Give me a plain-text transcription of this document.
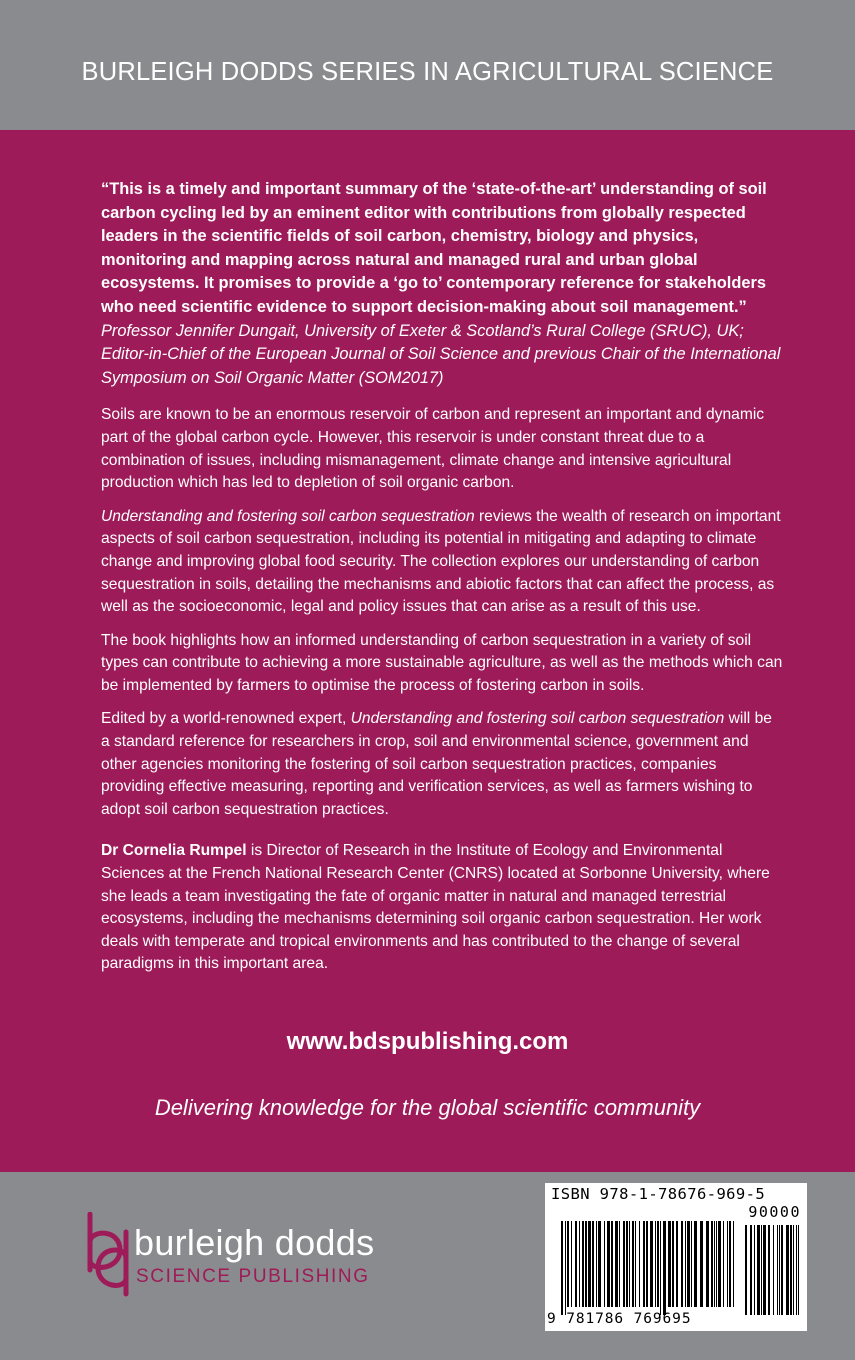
BURLEIGH DODDS SERIES IN AGRICULTURAL SCIENCE

“This is a timely and important summary of the ‘state-of-the-art’ understanding of soil carbon cycling led by an eminent editor with contributions from globally respected leaders in the scientific fields of soil carbon, chemistry, biology and physics, monitoring and mapping across natural and managed rural and urban global ecosystems. It promises to provide a ‘go to’ contemporary reference for stakeholders who need scientific evidence to support decision-making about soil management.”   Professor Jennifer Dungait, University of Exeter & Scotland’s Rural College (SRUC), UK; Editor-in-Chief of the European Journal of Soil Science and previous Chair of the International Symposium on Soil Organic Matter (SOM2017)

Soils are known to be an enormous reservoir of carbon and represent an important and dynamic part of the global carbon cycle. However, this reservoir is under constant threat due to a combination of issues, including mismanagement, climate change and intensive agricultural production which has led to depletion of soil organic carbon.

Understanding and fostering soil carbon sequestration reviews the wealth of research on important aspects of soil carbon sequestration, including its potential in mitigating and adapting to climate change and improving global food security. The collection explores our understanding of carbon sequestration in soils, detailing the mechanisms and abiotic factors that can affect the process, as well as the socioeconomic, legal and policy issues that can arise as a result of this use.

The book highlights how an informed understanding of carbon sequestration in a variety of soil types can contribute to achieving a more sustainable agriculture, as well as the methods which can be implemented by farmers to optimise the process of fostering carbon in soils.

Edited by a world-renowned expert, Understanding and fostering soil carbon sequestration will be a standard reference for researchers in crop, soil and environmental science, government and other agencies monitoring the fostering of soil carbon sequestration practices, companies providing effective measuring, reporting and verification services, as well as farmers wishing to adopt soil carbon sequestration practices.

Dr Cornelia Rumpel is Director of Research in the Institute of Ecology and Environmental Sciences at the French National Research Center (CNRS) located at Sorbonne University, where she leads a team investigating the fate of organic matter in natural and managed terrestrial ecosystems, including the mechanisms determining soil organic carbon sequestration. Her work deals with temperate and tropical environments and has contributed to the change of several paradigms in this important area.

www.bdspublishing.com
Delivering knowledge for the global scientific community
burleigh dodds
SCIENCE PUBLISHING
ISBN 978-1-78676-969-5
90000
9 781786 769695
